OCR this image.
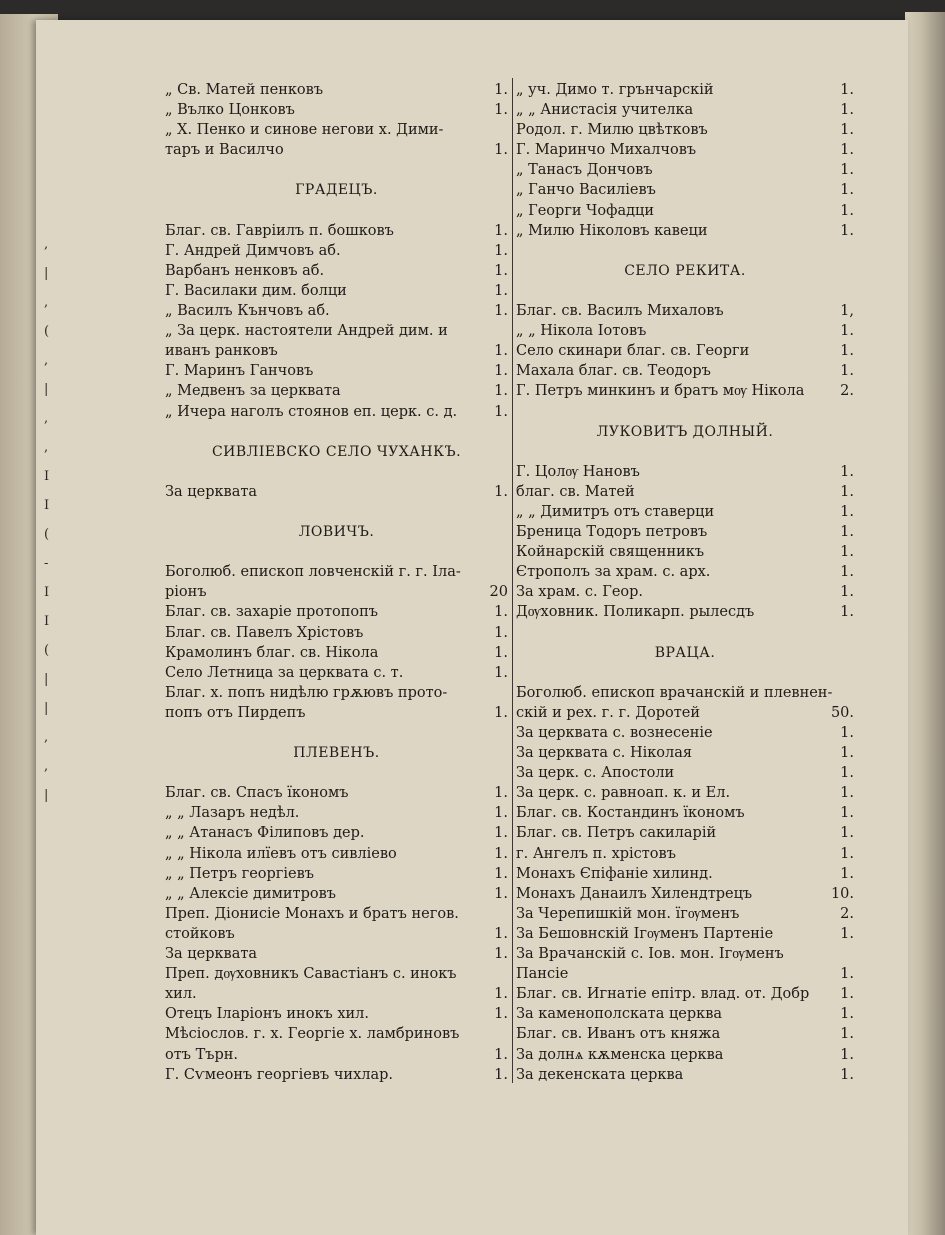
,
|
,
(
,
|
,
,
I
I
(
-
I
I
(
|
|
,
,
|
„ Св. Матей пенковъ	1.
„ Вълко Цонковъ	1.
„ Х. Пенко и синове негови х. Дими-
таръ и Василчо	1.
ГРАДЕЦЪ.
Благ. св. Гавріилъ п. бошковъ	1.
Г. Андрей Димчовъ аб.	1.
Варбанъ ненковъ аб.	1.
Г. Василаки дим. болци	1.
„ Василъ Кънчовъ аб.	1.
„ За церк. настоятели Андрей дим. и
иванъ ранковъ	1.
Г. Маринъ Ганчовъ	1.
„ Медвенъ за церквата	1.
„ Ичера наголъ стоянов еп. церк. с. д.	1.
СИВЛІЕВСКО СЕЛО ЧУХАНКЪ.
За церквата	1.
ЛОВИЧЪ.
Боголюб. епископ ловченскій г. г. Іла-
ріонъ	20
Благ. св. захаріе протопопъ	1.
Благ. св. Павелъ Хрістовъ	1.
Крамолинъ благ. св. Нікола	1.
Село Летница за церквата с. т.	1.
Благ. х. попъ нидѣлю грѫювъ прото-
попъ отъ Пирдепъ	1.
ПЛЕВЕНЪ.
Благ. св. Спасъ їкономъ	1.
„ „ Лазаръ недѣл.	1.
„ „ Атанасъ Філиповъ дер.	1.
„ „ Нікола илїевъ отъ сивліево	1.
„ „ Петръ георгіевъ	1.
„ „ Алексіе димитровъ	1.
Преп. Діонисіе Монахъ и братъ негов.
стойковъ	1.
За церквата	1.
Преп. дѹховникъ Савастіанъ с. инокъ
хил.	1.
Отецъ Іларіонъ инокъ хил.	1.
Мѣсіослов. г. х. Георгіе х. ламбриновъ
отъ Търн.	1.
Г. Сѵмеонъ георгіевъ чихлар.	1.
„ уч. Димо т. грънчарскій	1.
„ „ Анистасія учителка	1.
Родол. г. Милю цвѣтковъ	1.
Г. Маринчо Михалчовъ	1.
„ Танасъ Дончовъ	1.
„ Ганчо Василіевъ	1.
„ Георги Чофадци	1.
„ Милю Ніколовъ кавеци	1.
СЕЛО РЕКИТА.
Благ. св. Василъ Михаловъ	1,
„ „ Нікола Іотовъ	1.
Село скинари благ. св. Георги	1.
Махала благ. св. Теодоръ	1.
Г. Петръ минкинъ и братъ мѹ Нікола 2.
ЛУКОВИТЪ ДОЛНЫЙ.
Г. Цолѹ Нановъ	1.
благ. св. Матей	1.
„ „ Димитръ отъ ставерци	1.
Бреница Тодоръ петровъ	1.
Койнарскій священникъ	1.
Єтрополъ за храм. с. арх.	1.
За храм. с. Геор.	1.
Дѹховник. Поликарп. рылесдъ	1.
ВРАЦА.
Боголюб. епископ врачанскій и плевнен-
скій и рех. г. г. Доротей	50.
За церквата с. вознесеніе	1.
За церквата с. Ніколая	1.
За церк. с. Апостоли	1.
За церк. с. равноап. к. и Ел.	1.
Благ. св. Костандинъ їкономъ	1.
Благ. св. Петръ сакиларій	1.
г. Ангелъ п. хрістовъ	1.
Монахъ Єпіфаніе хилинд.	1.
Монахъ Данаилъ Хилендтрецъ	10.
За Черепишкій мон. їгѹменъ	2.
За Бешовнскій Ігѹменъ Партеніе	1.
За Врачанскій с. Іов. мон. Ігѹменъ
Пансіе	1.
Благ. св. Игнатіе епітр. влад. от. Добр 1.
За каменополската церква	1.
Благ. св. Иванъ отъ княжа	1.
За долнѧ кѫменска церква	1.
За декенската церква	1.
